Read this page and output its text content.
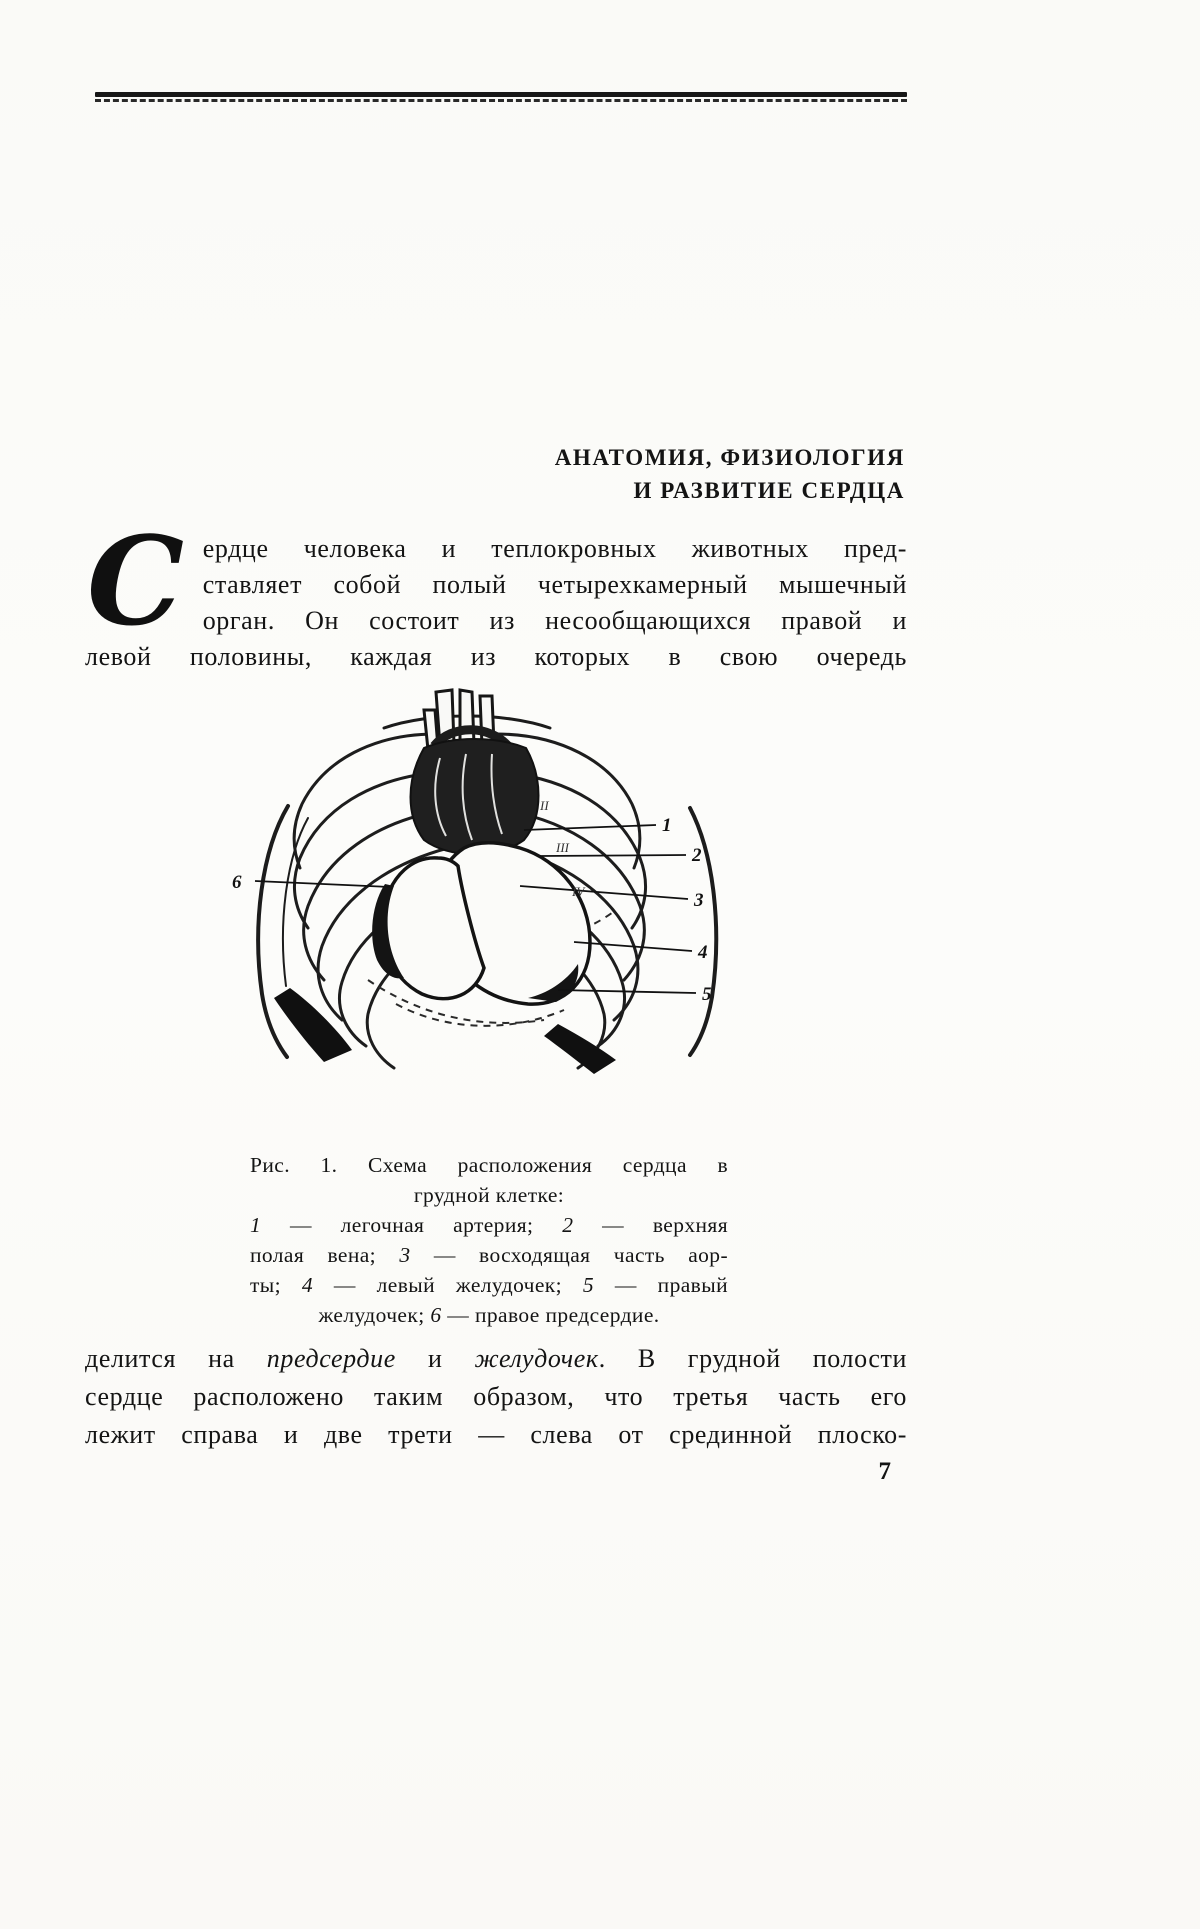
АНАТОМИЯ, ФИЗИОЛОГИЯ
И РАЗВИТИЕ СЕРДЦА
С ердце человека и теплокровных животных пред-
ставляет собой полый четырехкамерный мышечный
орган. Он состоит из несообщающихся правой и
левой половины, каждая из которых в свою очередь
1
2
3
4
5
6
II
III
IV
Рис. 1. Схема расположения сердца в
грудной клетке:
1 — легочная артерия; 2 — верхняя
полая вена; 3 — восходящая часть аор-
ты; 4 — левый желудочек; 5 — правый
желудочек; 6 — правое предсердие.
делится на предсердие и желудочек. В грудной полости
сердце расположено таким образом, что третья часть его
лежит справа и две трети — слева от срединной плоско-
7
